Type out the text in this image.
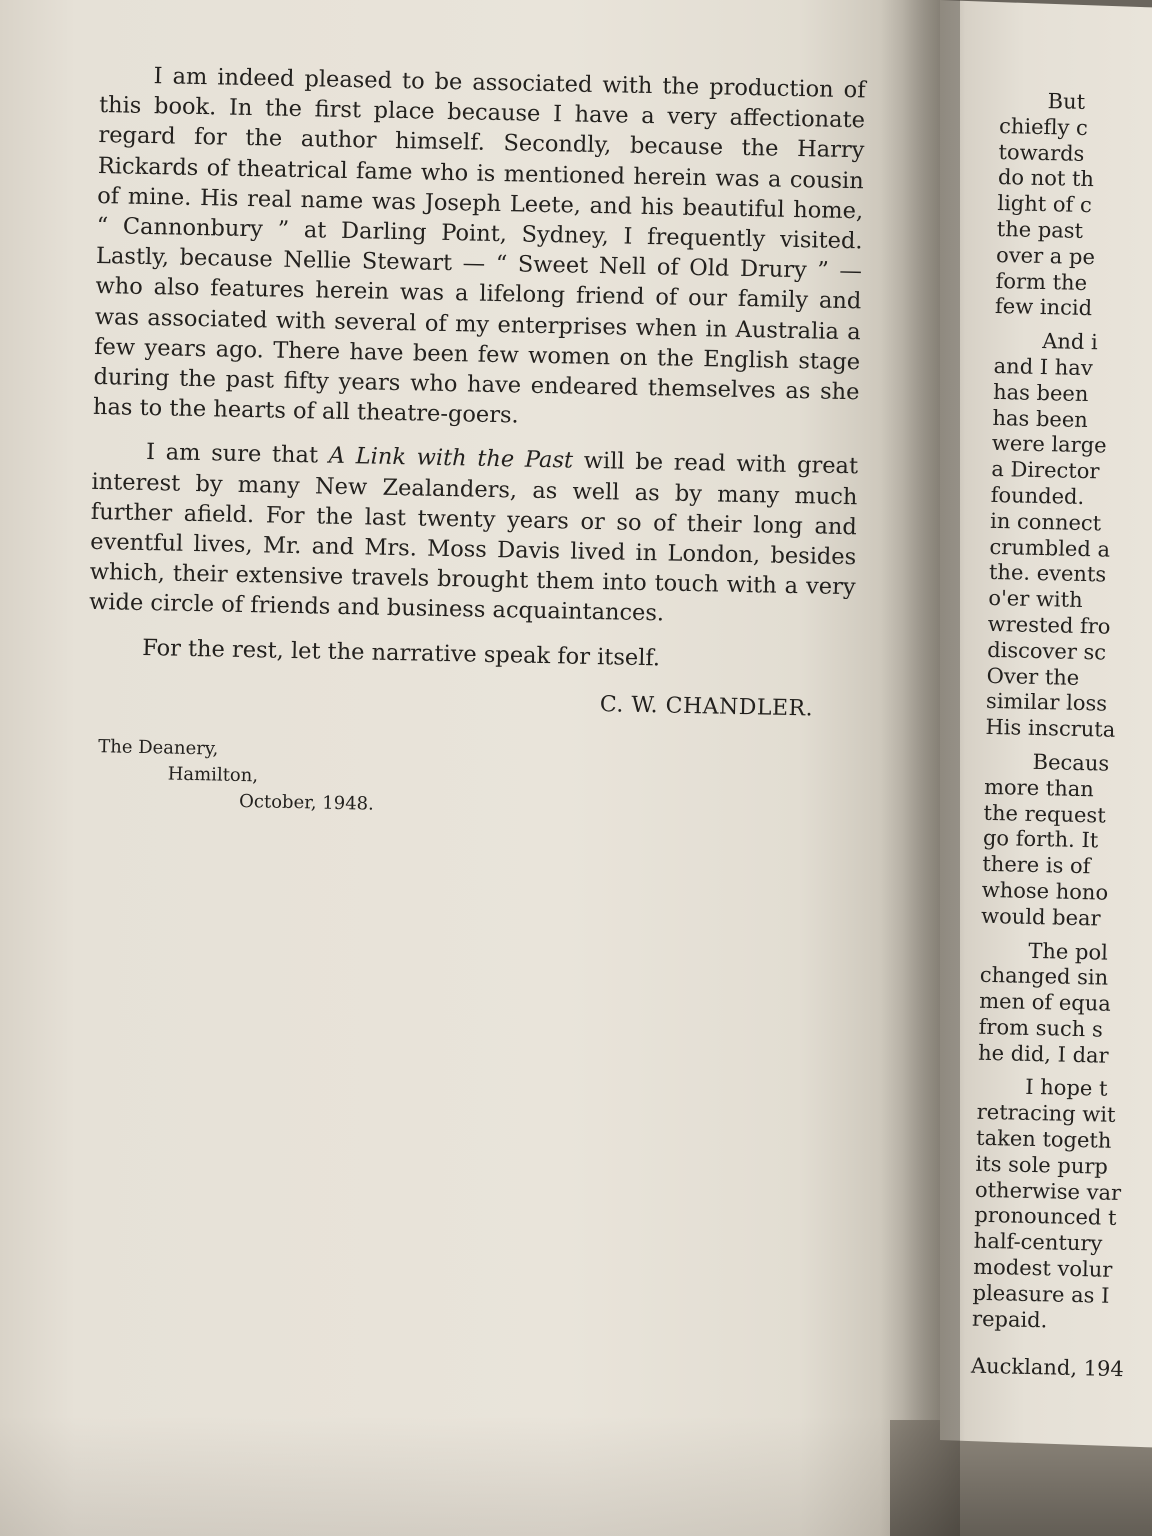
I am indeed pleased to be associated with the production of this book. In the first place because I have a very affectionate regard for the author himself. Secondly, because the Harry Rickards of theatrical fame who is mentioned herein was a cousin of mine. His real name was Joseph Leete, and his beautiful home, “ Cannonbury ” at Darling Point, Sydney, I frequently visited. Lastly, because Nellie Stewart — “ Sweet Nell of Old Drury ” — who also features herein was a lifelong friend of our family and was associated with several of my enterprises when in Australia a few years ago. There have been few women on the English stage during the past fifty years who have endeared themselves as she has to the hearts of all theatre-goers.

I am sure that A Link with the Past will be read with great interest by many New Zealanders, as well as by many much further afield. For the last twenty years or so of their long and eventful lives, Mr. and Mrs. Moss Davis lived in London, besides which, their extensive travels brought them into touch with a very wide circle of friends and business acquaintances.

For the rest, let the narrative speak for itself.

C. W. CHANDLER.
The Deanery,
Hamilton,
October, 1948.
But
chiefly c
towards
do not th
light of c
the past
over a pe
form the
few incid
And i
and I hav
has been
has been
were large
a Director
founded.
in connect
crumbled a
the. events
o'er with
wrested fro
discover sc
Over the
similar loss
His inscruta
Becaus
more than
the request
go forth. It
there is of
whose hono
would bear
The pol
changed sin
men of equa
from such s
he did, I dar
I hope t
retracing wit
taken togeth
its sole purp
otherwise var
pronounced t
half-century
modest volur
pleasure as I
repaid.
Auckland, 194
